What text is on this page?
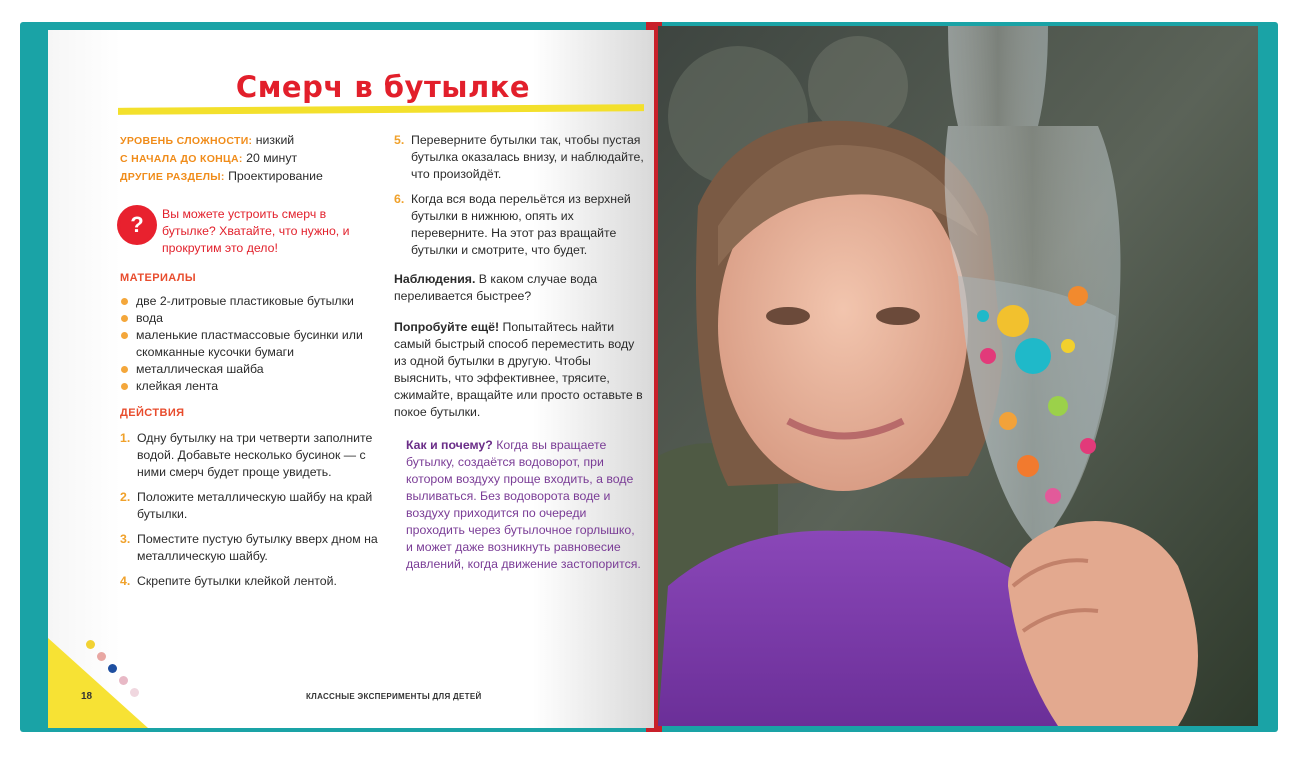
Смерч в бутылке
УРОВЕНЬ СЛОЖНОСТИ: низкий
С НАЧАЛА ДО КОНЦА: 20 минут
ДРУГИЕ РАЗДЕЛЫ: Проектирование
?	Вы можете устроить смерч в бутылке? Хватайте, что нужно, и прокрутим это дело!
МАТЕРИАЛЫ
две 2-литровые пластиковые бутылки
вода
маленькие пластмассовые бусинки или скомканные кусочки бумаги
металлическая шайба
клейкая лента
ДЕЙСТВИЯ
1. Одну бутылку на три четверти заполните водой. Добавьте несколько бусинок — с ними смерч будет проще увидеть.
2. Положите металлическую шайбу на край бутылки.
3. Поместите пустую бутылку вверх дном на металлическую шайбу.
4. Скрепите бутылки клейкой лентой.
5. Переверните бутылки так, чтобы пустая бутылка оказалась внизу, и наблюдайте, что произойдёт.
6. Когда вся вода перельётся из верхней бутылки в нижнюю, опять их переверните. На этот раз вращайте бутылки и смотрите, что будет.
Наблюдения. В каком случае вода переливается быстрее?
Попробуйте ещё! Попытайтесь найти самый быстрый способ переместить воду из одной бутылки в другую. Чтобы выяснить, что эффективнее, трясите, сжимайте, вращайте или просто оставьте в покое бутылки.
Как и почему? Когда вы вращаете бутылку, создаётся водоворот, при котором воздуху проще входить, а воде выливаться. Без водоворота воде и воздуху приходится по очереди проходить через бутылочное горлышко, и может даже возникнуть равновесие давлений, когда движение застопорится.
18	КЛАССНЫЕ ЭКСПЕРИМЕНТЫ ДЛЯ ДЕТЕЙ
